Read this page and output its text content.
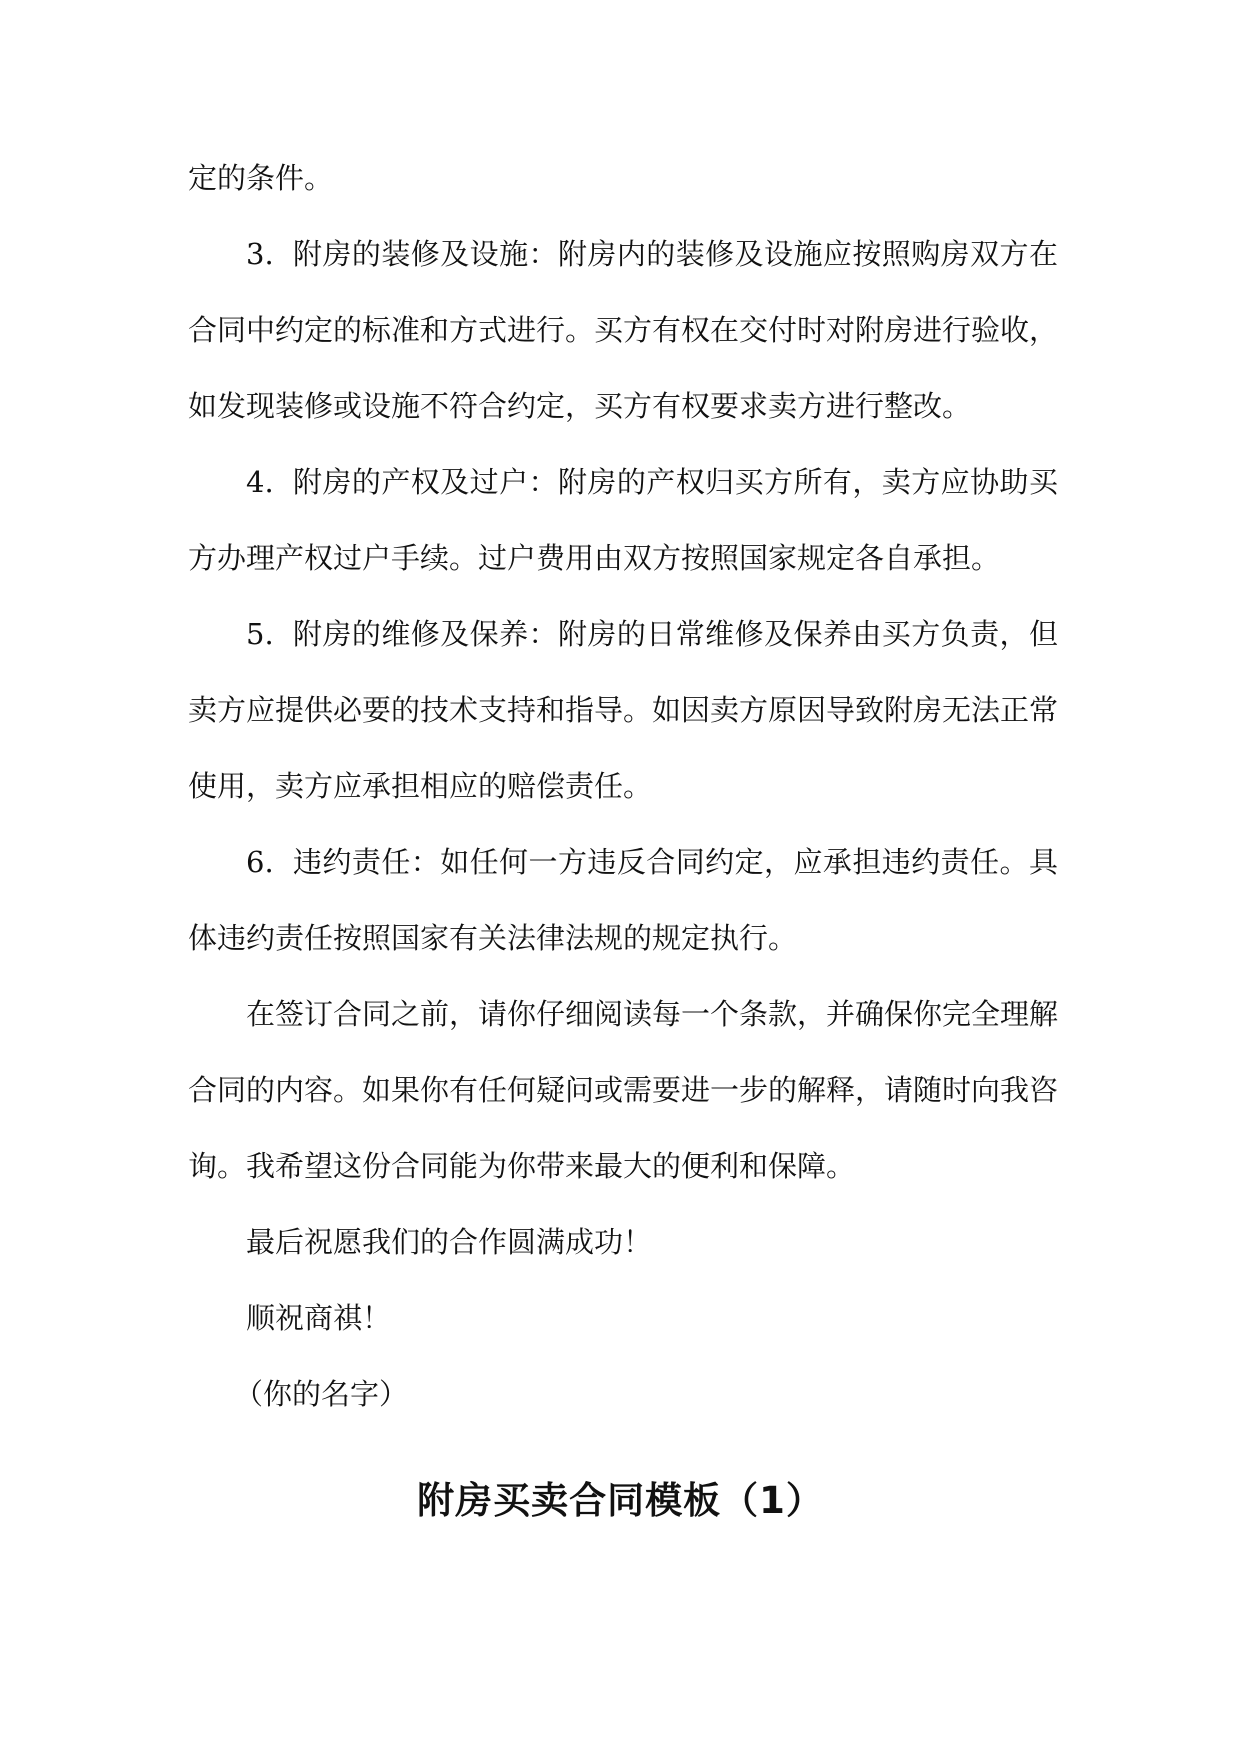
定的条件。

3. 附房的装修及设施：附房内的装修及设施应按照购房双方在合同中约定的标准和方式进行。买方有权在交付时对附房进行验收，如发现装修或设施不符合约定，买方有权要求卖方进行整改。

4. 附房的产权及过户：附房的产权归买方所有，卖方应协助买方办理产权过户手续。过户费用由双方按照国家规定各自承担。

5. 附房的维修及保养：附房的日常维修及保养由买方负责，但卖方应提供必要的技术支持和指导。如因卖方原因导致附房无法正常使用，卖方应承担相应的赔偿责任。

6. 违约责任：如任何一方违反合同约定，应承担违约责任。具体违约责任按照国家有关法律法规的规定执行。

在签订合同之前，请你仔细阅读每一个条款，并确保你完全理解合同的内容。如果你有任何疑问或需要进一步的解释，请随时向我咨询。我希望这份合同能为你带来最大的便利和保障。

最后祝愿我们的合作圆满成功！

顺祝商祺！

（你的名字）

附房买卖合同模板（1）
